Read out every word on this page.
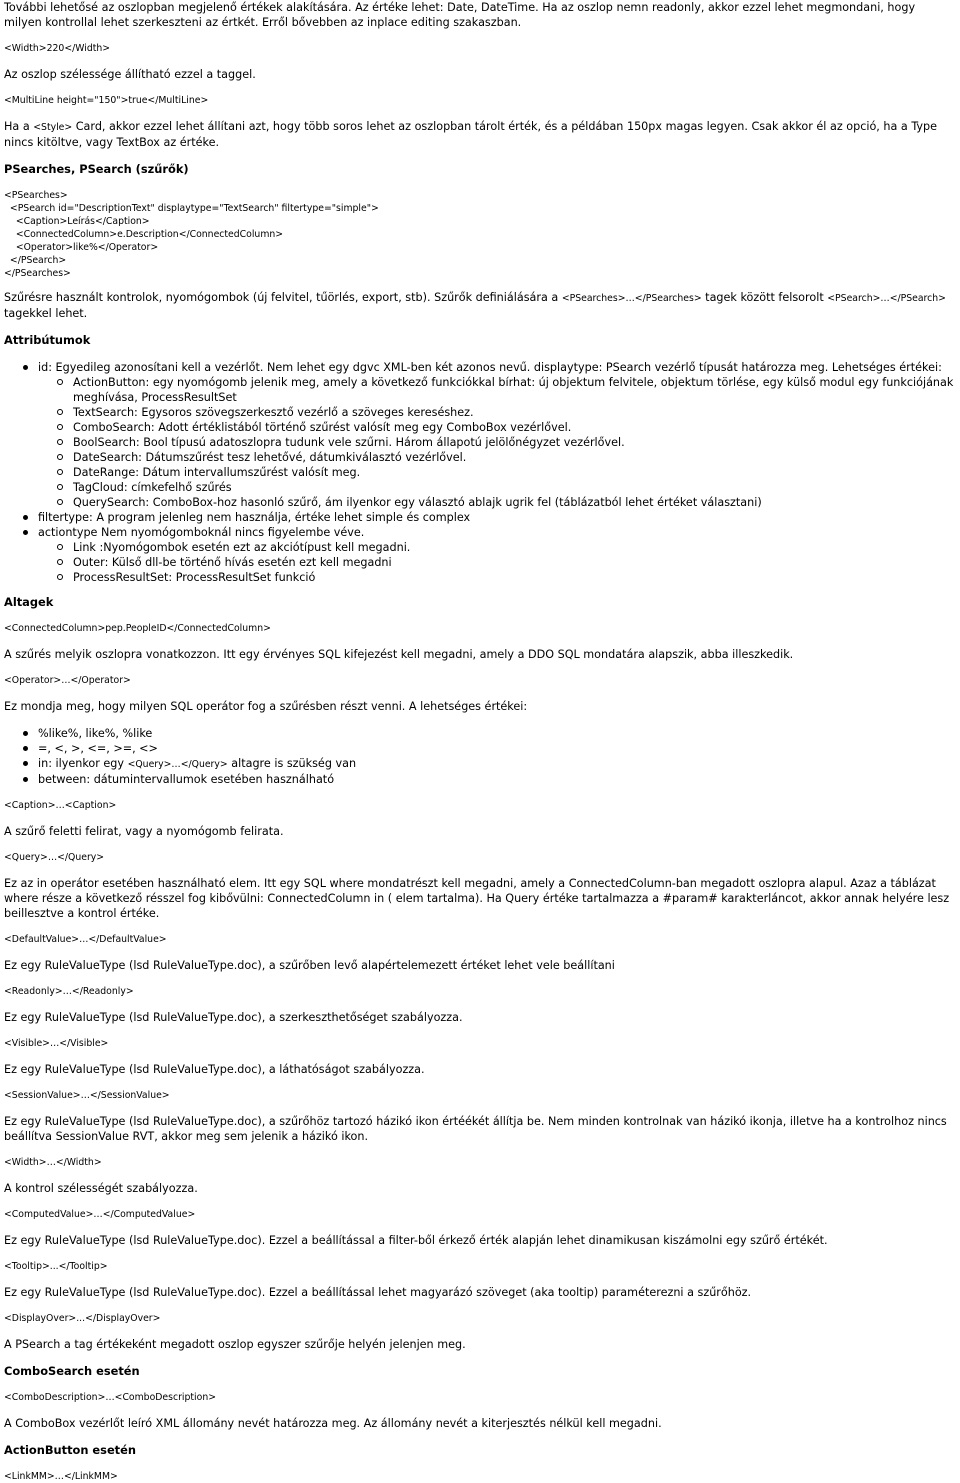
További lehetősé az oszlopban megjelenő értékek alakítására. Az értéke lehet: Date, DateTime. Ha az oszlop nemn readonly, akkor ezzel lehet megmondani, hogy milyen kontrollal lehet szerkeszteni az értkét. Erről bővebben az inplace editing szakaszban.

<Width>220</Width>

Az oszlop szélessége állítható ezzel a taggel.

<MultiLine height="150">true</MultiLine>

Ha a <Style> Card, akkor ezzel lehet állítani azt, hogy több soros lehet az oszlopban tárolt érték, és a példában 150px magas legyen. Csak akkor él az opció, ha a Type nincs kitöltve, vagy TextBox az értéke.

PSearches, PSearch (szűrők)

<PSearches>

<PSearch id="DescriptionText" displaytype="TextSearch" filtertype="simple">

<Caption>Leírás</Caption>

<ConnectedColumn>e.Description</ConnectedColumn>

<Operator>like%</Operator>

</PSearch>

</PSearches>

Szűrésre használt kontrolok, nyomógombok (új felvitel, tűörlés, export, stb). Szűrők definiálására a <PSearches>…</PSearches> tagek között felsorolt <PSearch>…</PSearch> tagekkel lehet.

Attribútumok

id: Egyedileg azonosítani kell a vezérlőt. Nem lehet egy dgvc XML-ben két azonos nevű. displaytype: PSearch vezérlő típusát határozza meg. Lehetséges értékei:
ActionButton: egy nyomógomb jelenik meg, amely a következő funkciókkal bírhat: új objektum felvitele, objektum törlése, egy külső modul egy funkciójának meghívása, ProcessResultSet
TextSearch: Egysoros szövegszerkesztő vezérlő a szöveges kereséshez.
ComboSearch: Adott értéklistából történő szűrést valósít meg egy ComboBox vezérlővel.
BoolSearch: Bool típusú adatoszlopra tudunk vele szűrni. Három állapotú jelölőnégyzet vezérlővel.
DateSearch: Dátumszűrést tesz lehetővé, dátumkiválasztó vezérlővel.
DateRange: Dátum intervallumszűrést valósít meg.
TagCloud: címkefelhő szűrés
QuerySearch: ComboBox-hoz hasonló szűrő, ám ilyenkor egy választó ablajk ugrik fel (táblázatból lehet értéket választani)
filtertype: A program jelenleg nem használja, értéke lehet simple és complex
actiontype Nem nyomógomboknál nincs figyelembe véve.
Link :Nyomógombok esetén ezt az akciótípust kell megadni.
Outer: Külső dll-be történő hívás esetén ezt kell megadni
ProcessResultSet: ProcessResultSet funkció

Altagek

<ConnectedColumn>pep.PeopleID</ConnectedColumn>

A szűrés melyik oszlopra vonatkozzon. Itt egy érvényes SQL kifejezést kell megadni, amely a DDO SQL mondatára alapszik, abba illeszkedik.

<Operator>…</Operator>

Ez mondja meg, hogy milyen SQL operátor fog a szűrésben részt venni. A lehetséges értékei:

%like%, like%, %like
=, <, >, <=, >=, <>
in: ilyenkor egy <Query>…</Query> altagre is szükség van
between: dátumintervallumok esetében használható

<Caption>…<Caption>

A szűrő feletti felirat, vagy a nyomógomb felirata.

<Query>…</Query>

Ez az in operátor esetében használható elem. Itt egy SQL where mondatrészt kell megadni, amely a ConnectedColumn-ban megadott oszlopra alapul. Azaz a táblázat where része a következő résszel fog kibővülni: ConnectedColumn in ( elem tartalma). Ha Query értéke tartalmazza a #param# karakterláncot, akkor annak helyére lesz beillesztve a kontrol értéke.

<DefaultValue>…</DefaultValue>

Ez egy RuleValueType (lsd RuleValueType.doc), a szűrőben levő alapértelemezett értéket lehet vele beállítani

<Readonly>…</Readonly>

Ez egy RuleValueType (lsd RuleValueType.doc), a szerkeszthetőséget szabályozza.

<Visible>…</Visible>

Ez egy RuleValueType (lsd RuleValueType.doc), a láthatóságot szabályozza.

<SessionValue>…</SessionValue>

Ez egy RuleValueType (lsd RuleValueType.doc), a szűrőhöz tartozó házikó ikon értéékét állítja be. Nem minden kontrolnak van házikó ikonja, illetve ha a kontrolhoz nincs beállítva SessionValue RVT, akkor meg sem jelenik a házikó ikon.

<Width>…</Width>

A kontrol szélességét szabályozza.

<ComputedValue>…</ComputedValue>

Ez egy RuleValueType (lsd RuleValueType.doc). Ezzel a beállítással a filter-ből érkező érték alapján lehet dinamikusan kiszámolni egy szűrő értékét.

<Tooltip>...</Tooltip>

Ez egy RuleValueType (lsd RuleValueType.doc). Ezzel a beállítással lehet magyarázó szöveget (aka tooltip) paraméterezni a szűrőhöz.

<DisplayOver>...</DisplayOver>

A PSearch a tag értékeként megadott oszlop egyszer szűrője helyén jelenjen meg.

ComboSearch esetén

<ComboDescription>…<ComboDescription>

A ComboBox vezérlőt leíró XML állomány nevét határozza meg. Az állomány nevét a kiterjesztés nélkül kell megadni.

ActionButton esetén

<LinkMM>…</LinkMM>
